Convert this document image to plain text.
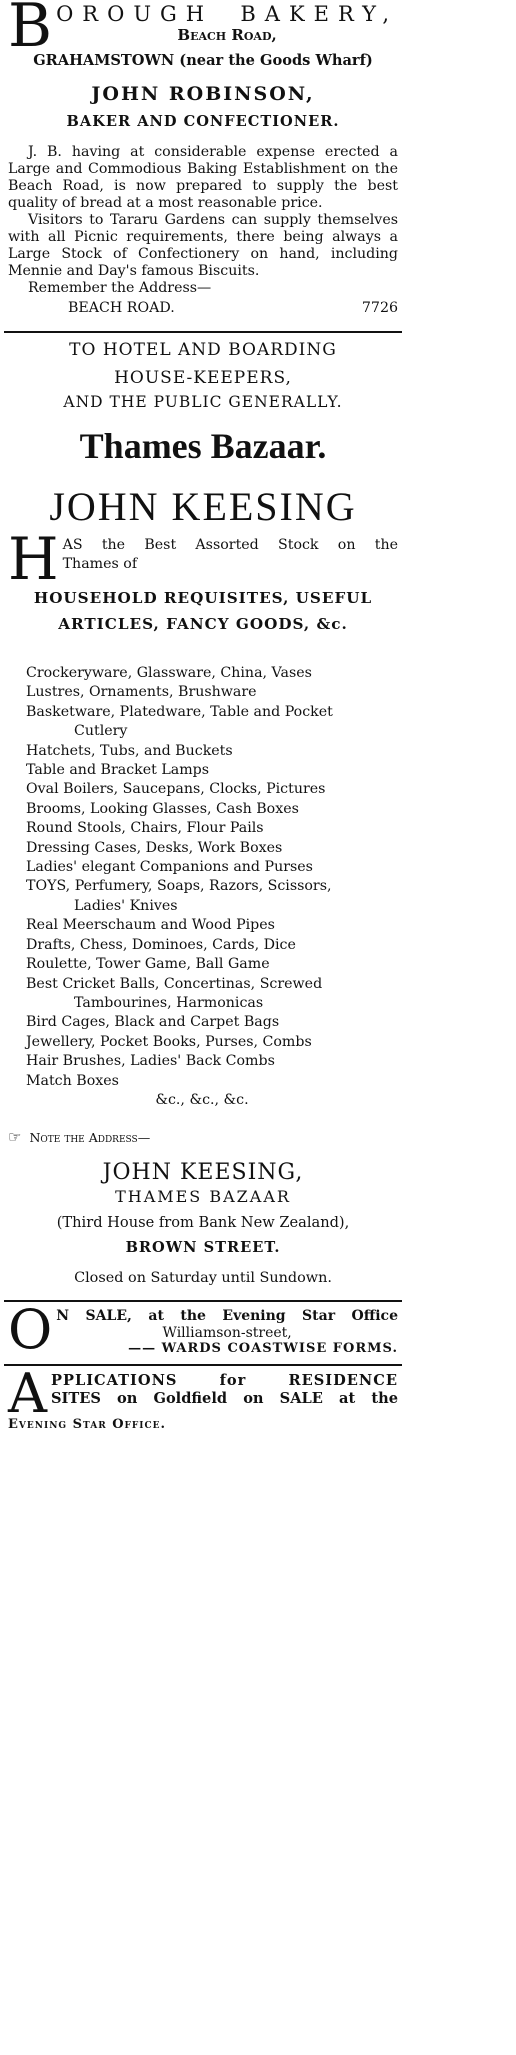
B OROUGH BAKERY,
Beach Road,
GRAHAMSTOWN (near the Goods Wharf)
JOHN ROBINSON,
BAKER AND CONFECTIONER.

J. B. having at considerable expense erected a Large and Commodious Baking Establishment on the Beach Road, is now prepared to supply the best quality of bread at a most reasonable price.

Visitors to Tararu Gardens can supply themselves with all Picnic requirements, there being always a Large Stock of Confectionery on hand, including Mennie and Day's famous Biscuits.

Remember the Address—

BEACH ROAD.	7726
TO HOTEL AND BOARDING
HOUSE-KEEPERS,
AND THE PUBLIC GENERALLY.
Thames Bazaar.
JOHN KEESING
H AS the Best Assorted Stock on the
Thames of
HOUSEHOLD REQUISITES, USEFUL
ARTICLES, FANCY GOODS, &c.
Crockeryware, Glassware, China, Vases
Lustres, Ornaments, Brushware
Basketware, Platedware, Table and Pocket
Cutlery
Hatchets, Tubs, and Buckets
Table and Bracket Lamps
Oval Boilers, Saucepans, Clocks, Pictures
Brooms, Looking Glasses, Cash Boxes
Round Stools, Chairs, Flour Pails
Dressing Cases, Desks, Work Boxes
Ladies' elegant Companions and Purses
TOYS, Perfumery, Soaps, Razors, Scissors,
Ladies' Knives
Real Meerschaum and Wood Pipes
Drafts, Chess, Dominoes, Cards, Dice
Roulette, Tower Game, Ball Game
Best Cricket Balls, Concertinas, Screwed
Tambourines, Harmonicas
Bird Cages, Black and Carpet Bags
Jewellery, Pocket Books, Purses, Combs
Hair Brushes, Ladies' Back Combs
Match Boxes
&c., &c., &c.
☞ Note the Address—
JOHN KEESING,
THAMES BAZAAR
(Third House from Bank New Zealand),
BROWN STREET.
Closed on Saturday until Sundown.
O N SALE, at the Evening Star Office
Williamson-street,
—— WARDS COASTWISE FORMS.
A PPLICATIONS for RESIDENCE
SITES on Goldfield on SALE at the
Evening Star Office.
